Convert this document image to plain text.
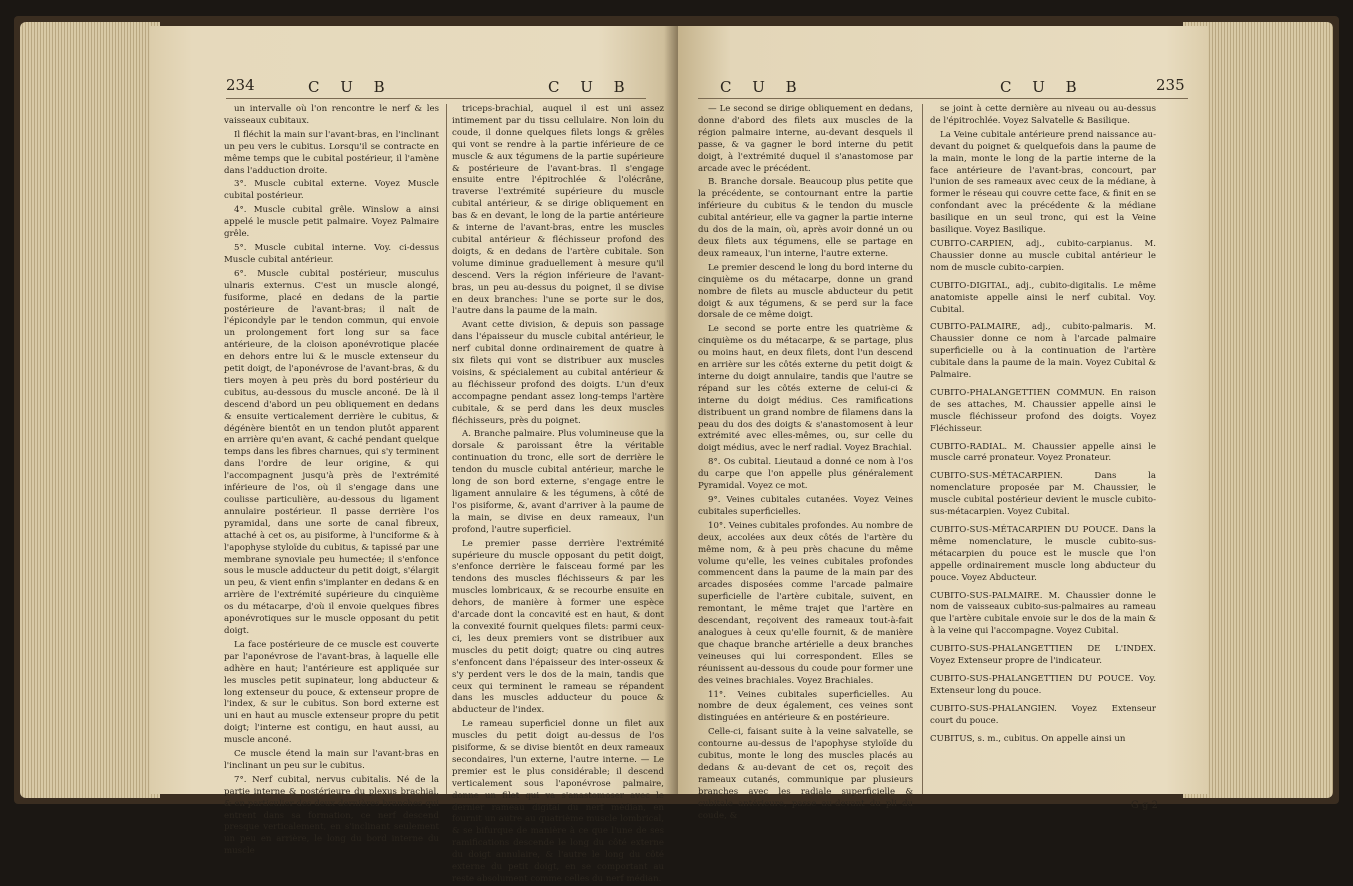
234	C U B	C U B

un intervalle où l'on rencontre le nerf & les vaisseaux cubitaux.

Il fléchit la main sur l'avant-bras, en l'inclinant un peu vers le cubitus. Lorsqu'il se contracte en même temps que le cubital postérieur, il l'amène dans l'adduction droite.

3°. Muscle cubital externe. Voyez Muscle cubital postérieur.

4°. Muscle cubital grêle. Winslow a ainsi appelé le muscle petit palmaire. Voyez Palmaire grêle.

5°. Muscle cubital interne. Voy. ci-dessus Muscle cubital antérieur.

6°. Muscle cubital postérieur, musculus ulnaris externus. C'est un muscle alongé, fusiforme, placé en dedans de la partie postérieure de l'avant-bras; il naît de l'épicondyle par le tendon commun, qui envoie un prolongement fort long sur sa face antérieure, de la cloison aponévrotique placée en dehors entre lui & le muscle extenseur du petit doigt, de l'aponévrose de l'avant-bras, & du tiers moyen à peu près du bord postérieur du cubitus, au-dessous du muscle anconé. De là il descend d'abord un peu obliquement en dedans & ensuite verticalement derrière le cubitus, & dégénère bientôt en un tendon plutôt apparent en arrière qu'en avant, & caché pendant quelque temps dans les fibres charnues, qui s'y terminent dans l'ordre de leur origine, & qui l'accompagnent jusqu'à près de l'extrémité inférieure de l'os, où il s'engage dans une coulisse particulière, au-dessous du ligament annulaire postérieur. Il passe derrière l'os pyramidal, dans une sorte de canal fibreux, attaché à cet os, au pisiforme, à l'unciforme & à l'apophyse styloïde du cubitus, & tapissé par une membrane synoviale peu humectée; il s'enfonce sous le muscle adducteur du petit doigt, s'élargit un peu, & vient enfin s'implanter en dedans & en arrière de l'extrémité supérieure du cinquième os du métacarpe, d'où il envoie quelques fibres aponévrotiques sur le muscle opposant du petit doigt.

La face postérieure de ce muscle est couverte par l'aponévrose de l'avant-bras, à laquelle elle adhère en haut; l'antérieure est appliquée sur les muscles petit supinateur, long abducteur & long extenseur du pouce, & extenseur propre de l'index, & sur le cubitus. Son bord externe est uni en haut au muscle extenseur propre du petit doigt; l'interne est contigu, en haut aussi, au muscle anconé.

Ce muscle étend la main sur l'avant-bras en l'inclinant un peu sur le cubitus.

7°. Nerf cubital, nervus cubitalis. Né de la partie interne & postérieure du plexus brachial, & en particulier des deux dernières branches qui entrent dans sa formation, ce nerf descend presque verticalement, en s'inclinant seulement un peu en arrière, le long du bord interne du muscle

triceps-brachial, auquel il est uni assez intimement par du tissu cellulaire. Non loin du coude, il donne quelques filets longs & grêles qui vont se rendre à la partie inférieure de ce muscle & aux tégumens de la partie supérieure & postérieure de l'avant-bras. Il s'engage ensuite entre l'épitrochlée & l'olécrâne, traverse l'extrémité supérieure du muscle cubital antérieur, & se dirige obliquement en bas & en devant, le long de la partie antérieure & interne de l'avant-bras, entre les muscles cubital antérieur & fléchisseur profond des doigts, & en dedans de l'artère cubitale. Son volume diminue graduellement à mesure qu'il descend. Vers la région inférieure de l'avant-bras, un peu au-dessus du poignet, il se divise en deux branches: l'une se porte sur le dos, l'autre dans la paume de la main.

Avant cette division, & depuis son passage dans l'épaisseur du muscle cubital antérieur, le nerf cubital donne ordinairement de quatre à six filets qui vont se distribuer aux muscles voisins, & spécialement au cubital antérieur & au fléchisseur profond des doigts. L'un d'eux accompagne pendant assez long-temps l'artère cubitale, & se perd dans les deux muscles fléchisseurs, près du poignet.

A. Branche palmaire. Plus volumineuse que la dorsale & paroissant être la véritable continuation du tronc, elle sort de derrière le tendon du muscle cubital antérieur, marche le long de son bord externe, s'engage entre le ligament annulaire & les tégumens, à côté de l'os pisiforme, &, avant d'arriver à la paume de la main, se divise en deux rameaux, l'un profond, l'autre superficiel.

Le premier passe derrière l'extrémité supérieure du muscle opposant du petit doigt, s'enfonce derrière le faisceau formé par les tendons des muscles fléchisseurs & par les muscles lombricaux, & se recourbe ensuite en dehors, de manière à former une espèce d'arcade dont la concavité est en haut, & dont la convexité fournit quelques filets: parmi ceux-ci, les deux premiers vont se distribuer aux muscles du petit doigt; quatre ou cinq autres s'enfoncent dans l'épaisseur des inter-osseux & s'y perdent vers le dos de la main, tandis que ceux qui terminent le rameau se répandent dans les muscles adducteur du pouce & abducteur de l'index.

Le rameau superficiel donne un filet aux muscles du petit doigt au-dessus de l'os pisiforme, & se divise bientôt en deux rameaux secondaires, l'un externe, l'autre interne. — Le premier est le plus considérable; il descend verticalement sous l'aponévrose palmaire, donne un filet qui va s'anastomoser avec le dernier rameau digital du nerf médian, en fournit un autre au quatrième muscle lombrical, & se bifurque de manière à ce que l'une de ses ramifications descende le long du côté externe du doigt annulaire, & l'autre le long du côté externe du petit doigt, en se comportant au reste absolument comme celles du nerf médian.

C U B	C U B	235

— Le second se dirige obliquement en dedans, donne d'abord des filets aux muscles de la région palmaire interne, au-devant desquels il passe, & va gagner le bord interne du petit doigt, à l'extrémité duquel il s'anastomose par arcade avec le précédent.

B. Branche dorsale. Beaucoup plus petite que la précédente, se contournant entre la partie inférieure du cubitus & le tendon du muscle cubital antérieur, elle va gagner la partie interne du dos de la main, où, après avoir donné un ou deux filets aux tégumens, elle se partage en deux rameaux, l'un interne, l'autre externe.

Le premier descend le long du bord interne du cinquième os du métacarpe, donne un grand nombre de filets au muscle abducteur du petit doigt & aux tégumens, & se perd sur la face dorsale de ce même doigt.

Le second se porte entre les quatrième & cinquième os du métacarpe, & se partage, plus ou moins haut, en deux filets, dont l'un descend en arrière sur les côtés externe du petit doigt & interne du doigt annulaire, tandis que l'autre se répand sur les côtés externe de celui-ci & interne du doigt médius. Ces ramifications distribuent un grand nombre de filamens dans la peau du dos des doigts & s'anastomosent à leur extrémité avec elles-mêmes, ou, sur celle du doigt médius, avec le nerf radial. Voyez Brachial.

8°. Os cubital. Lieutaud a donné ce nom à l'os du carpe que l'on appelle plus généralement Pyramidal. Voyez ce mot.

9°. Veines cubitales cutanées. Voyez Veines cubitales superficielles.

10°. Veines cubitales profondes. Au nombre de deux, accolées aux deux côtés de l'artère du même nom, & à peu près chacune du même volume qu'elle, les veines cubitales profondes commencent dans la paume de la main par des arcades disposées comme l'arcade palmaire superficielle de l'artère cubitale, suivent, en remontant, le même trajet que l'artère en descendant, reçoivent des rameaux tout-à-fait analogues à ceux qu'elle fournit, & de manière que chaque branche artérielle a deux branches veineuses qui lui correspondent. Elles se réunissent au-dessous du coude pour former une des veines brachiales. Voyez Brachiales.

11°. Veines cubitales superficielles. Au nombre de deux également, ces veines sont distinguées en antérieure & en postérieure.

Celle-ci, faisant suite à la veine salvatelle, se contourne au-dessus de l'apophyse styloïde du cubitus, monte le long des muscles placés au dedans & au-devant de cet os, reçoit des rameaux cutanés, communique par plusieurs branches avec les radiale superficielle & cubitale antérieure, passe au-devant du pli du coude, &

se joint à cette dernière au niveau ou au-dessus de l'épitrochlée. Voyez Salvatelle & Basilique.

La Veine cubitale antérieure prend naissance au-devant du poignet & quelquefois dans la paume de la main, monte le long de la partie interne de la face antérieure de l'avant-bras, concourt, par l'union de ses rameaux avec ceux de la médiane, à former le réseau qui couvre cette face, & finit en se confondant avec la précédente & la médiane basilique en un seul tronc, qui est la Veine basilique. Voyez Basilique.

CUBITO-CARPIEN, adj., cubito-carpianus. M. Chaussier donne au muscle cubital antérieur le nom de muscle cubito-carpien.

CUBITO-DIGITAL, adj., cubito-digitalis. Le même anatomiste appelle ainsi le nerf cubital. Voy. Cubital.

CUBITO-PALMAIRE, adj., cubito-palmaris. M. Chaussier donne ce nom à l'arcade palmaire superficielle ou à la continuation de l'artère cubitale dans la paume de la main. Voyez Cubital & Palmaire.

CUBITO-PHALANGETTIEN COMMUN. En raison de ses attaches, M. Chaussier appelle ainsi le muscle fléchisseur profond des doigts. Voyez Fléchisseur.

CUBITO-RADIAL. M. Chaussier appelle ainsi le muscle carré pronateur. Voyez Pronateur.

CUBITO-SUS-MÉTACARPIEN. Dans la nomenclature proposée par M. Chaussier, le muscle cubital postérieur devient le muscle cubito-sus-métacarpien. Voyez Cubital.

CUBITO-SUS-MÉTACARPIEN DU POUCE. Dans la même nomenclature, le muscle cubito-sus-métacarpien du pouce est le muscle que l'on appelle ordinairement muscle long abducteur du pouce. Voyez Abducteur.

CUBITO-SUS-PALMAIRE. M. Chaussier donne le nom de vaisseaux cubito-sus-palmaires au rameau que l'artère cubitale envoie sur le dos de la main & à la veine qui l'accompagne. Voyez Cubital.

CUBITO-SUS-PHALANGETTIEN DE L'INDEX. Voyez Extenseur propre de l'indicateur.

CUBITO-SUS-PHALANGETTIEN DU POUCE. Voy. Extenseur long du pouce.

CUBITO-SUS-PHALANGIEN. Voyez Extenseur court du pouce.

CUBITUS, s. m., cubitus. On appelle ainsi un

G g 2
